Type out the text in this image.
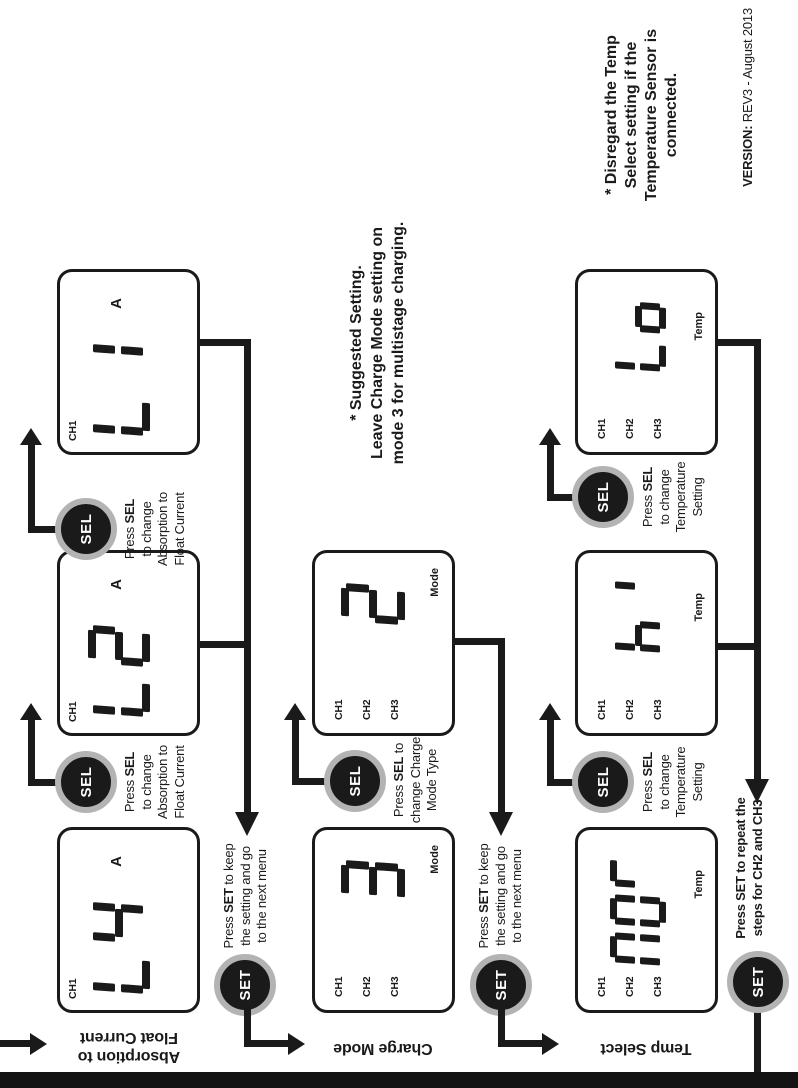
Absorption to
Float Current
CH1
A
SEL Press SEL to change Absorption to Float Current
CH1
A
SEL Press SEL to change Absorption to Float Current
CH1
A
SET
Press SET to keep the setting and go to the next menu
Charge Mode
CH1 CH2 CH3
Mode
SEL
Press SEL to change Charge Mode Type
CH1 CH2 CH3
Mode
* Suggested Setting. Leave Charge Mode setting on mode 3 for multistage charging.
SET
Press SET to keep the setting and go to the next menu
Temp Select
CH1 CH2 CH3
Temp
SEL Press SEL to change Temperature Setting
CH1 CH2 CH3
Temp
SEL Press SEL to change Temperature Setting
CH1 CH2 CH3
Temp
* Disregard the Temp Select setting if the Temperature Sensor is connected.
SET
Press SET to repeat the steps for CH2 and CH3
VERSION: REV3 - August 2013
